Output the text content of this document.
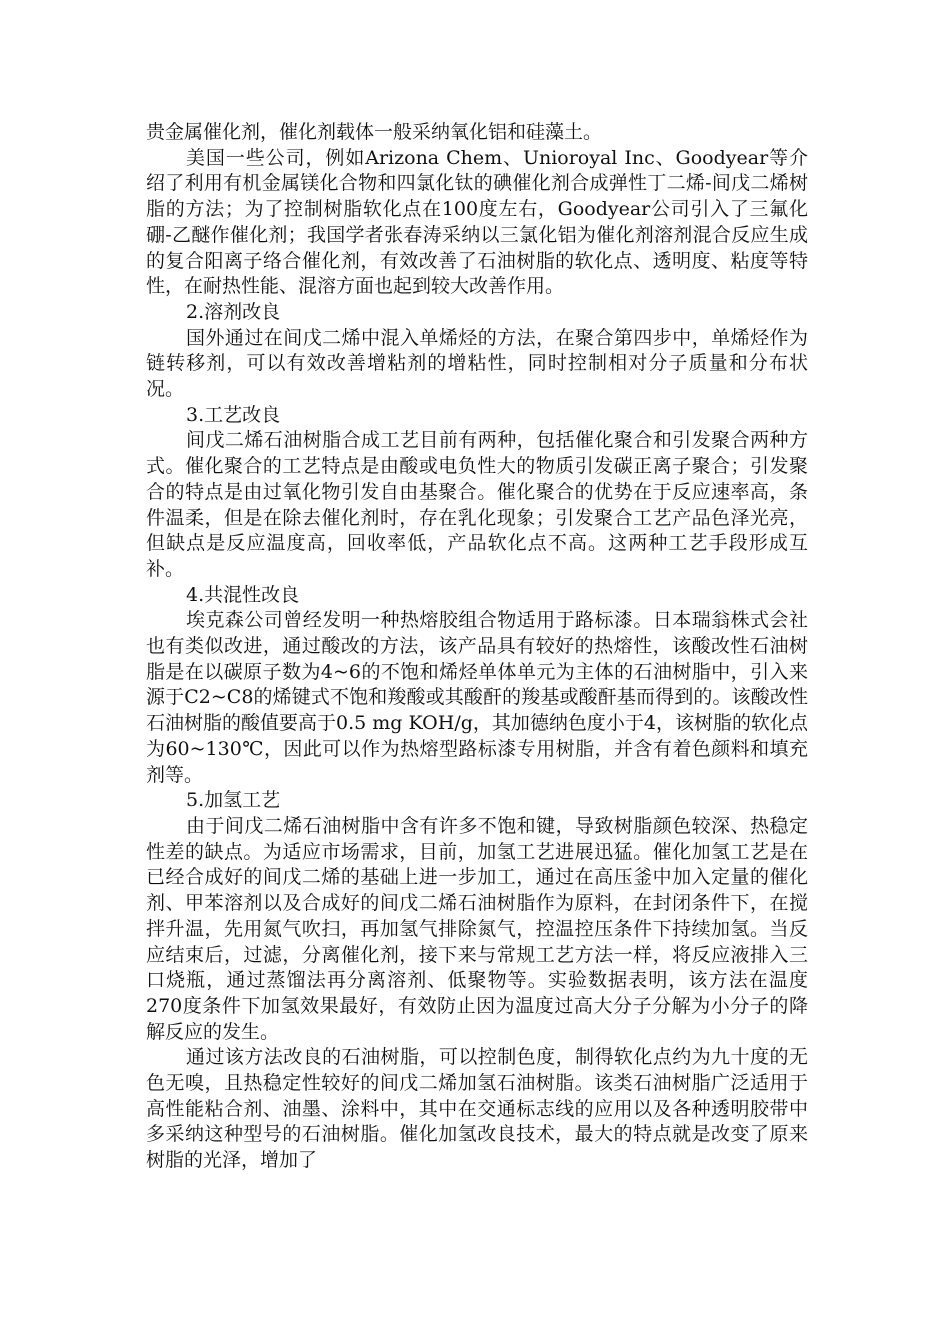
贵金属催化剂，催化剂载体一般采纳氧化铝和硅藻土。

美国一些公司，例如Arizona Chem、Unioroyal Inc、Goodyear等介绍了利用有机金属镁化合物和四氯化钛的碘催化剂合成弹性丁二烯-间戊二烯树脂的方法；为了控制树脂软化点在100度左右，Goodyear公司引入了三氟化硼-乙醚作催化剂；我国学者张春涛采纳以三氯化铝为催化剂溶剂混合反应生成的复合阳离子络合催化剂，有效改善了石油树脂的软化点、透明度、粘度等特性，在耐热性能、混溶方面也起到较大改善作用。

2.溶剂改良

国外通过在间戊二烯中混入单烯烃的方法，在聚合第四步中，单烯烃作为链转移剂，可以有效改善增粘剂的增粘性，同时控制相对分子质量和分布状况。

3.工艺改良

间戊二烯石油树脂合成工艺目前有两种，包括催化聚合和引发聚合两种方式。催化聚合的工艺特点是由酸或电负性大的物质引发碳正离子聚合；引发聚合的特点是由过氧化物引发自由基聚合。催化聚合的优势在于反应速率高，条件温柔，但是在除去催化剂时，存在乳化现象；引发聚合工艺产品色泽光亮，但缺点是反应温度高，回收率低，产品软化点不高。这两种工艺手段形成互补。

4.共混性改良

埃克森公司曾经发明一种热熔胶组合物适用于路标漆。日本瑞翁株式会社也有类似改进，通过酸改的方法，该产品具有较好的热熔性，该酸改性石油树脂是在以碳原子数为4~6的不饱和烯烃单体单元为主体的石油树脂中，引入来源于C2~C8的烯键式不饱和羧酸或其酸酐的羧基或酸酐基而得到的。该酸改性石油树脂的酸值要高于0.5 mg KOH/g，其加德纳色度小于4，该树脂的软化点为60~130℃，因此可以作为热熔型路标漆专用树脂，并含有着色颜料和填充剂等。

5.加氢工艺

由于间戊二烯石油树脂中含有许多不饱和键，导致树脂颜色较深、热稳定性差的缺点。为适应市场需求，目前，加氢工艺进展迅猛。催化加氢工艺是在已经合成好的间戊二烯的基础上进一步加工，通过在高压釜中加入定量的催化剂、甲苯溶剂以及合成好的间戊二烯石油树脂作为原料，在封闭条件下，在搅拌升温，先用氮气吹扫，再加氢气排除氮气，控温控压条件下持续加氢。当反应结束后，过滤，分离催化剂，接下来与常规工艺方法一样，将反应液排入三口烧瓶，通过蒸馏法再分离溶剂、低聚物等。实验数据表明，该方法在温度270度条件下加氢效果最好，有效防止因为温度过高大分子分解为小分子的降解反应的发生。

通过该方法改良的石油树脂，可以控制色度，制得软化点约为九十度的无色无嗅，且热稳定性较好的间戊二烯加氢石油树脂。该类石油树脂广泛适用于高性能粘合剂、油墨、涂料中，其中在交通标志线的应用以及各种透明胶带中多采纳这种型号的石油树脂。催化加氢改良技术，最大的特点就是改变了原来树脂的光泽，增加了
